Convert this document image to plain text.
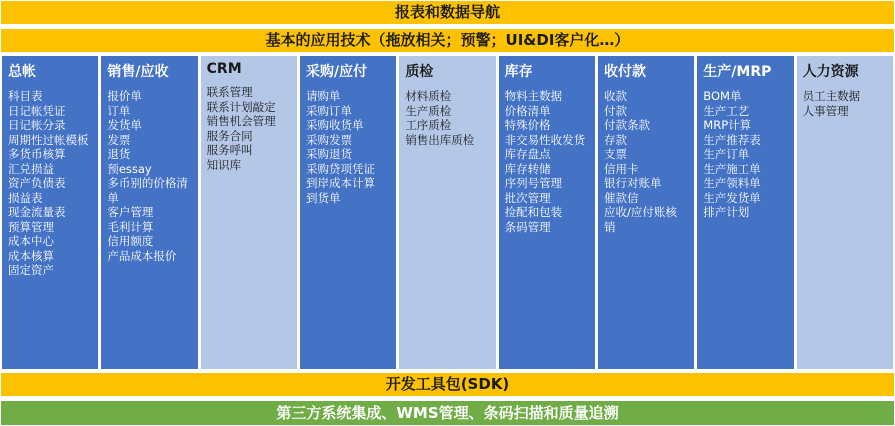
报表和数据导航
基本的应用技术（拖放相关；预警；UI&DI客户化…）
总帐
科目表
日记帐凭证
日记帐分录
周期性过帐模板
多货币核算
汇兑损益
资产负债表
损益表
现金流量表
预算管理
成本中心
成本核算
固定资产
销售/应收
报价单
订单
发货单
发票
退货
预essay
多币别的价格清单
客户管理
毛利计算
信用额度
产品成本报价
CRM
联系管理
联系计划敲定
销售机会管理
服务合同
服务呼叫
知识库
采购/应付
请购单
采购订单
采购收货单
采购发票
采购退货
采购贷项凭证
到岸成本计算
到货单
质检
材料质检
生产质检
工序质检
销售出库质检
库存
物料主数据
价格清单
特殊价格
非交易性收发货
库存盘点
库存转储
序列号管理
批次管理
捡配和包装
条码管理
收付款
收款
付款
付款条款
存款
支票
信用卡
银行对账单
催款信
应收/应付账核销
生产/MRP
BOM单
生产工艺
MRP计算
生产推荐表
生产订单
生产施工单
生产领料单
生产发货单
排产计划
人力资源
员工主数据
人事管理
开发工具包(SDK)
第三方系统集成、WMS管理、条码扫描和质量追溯
